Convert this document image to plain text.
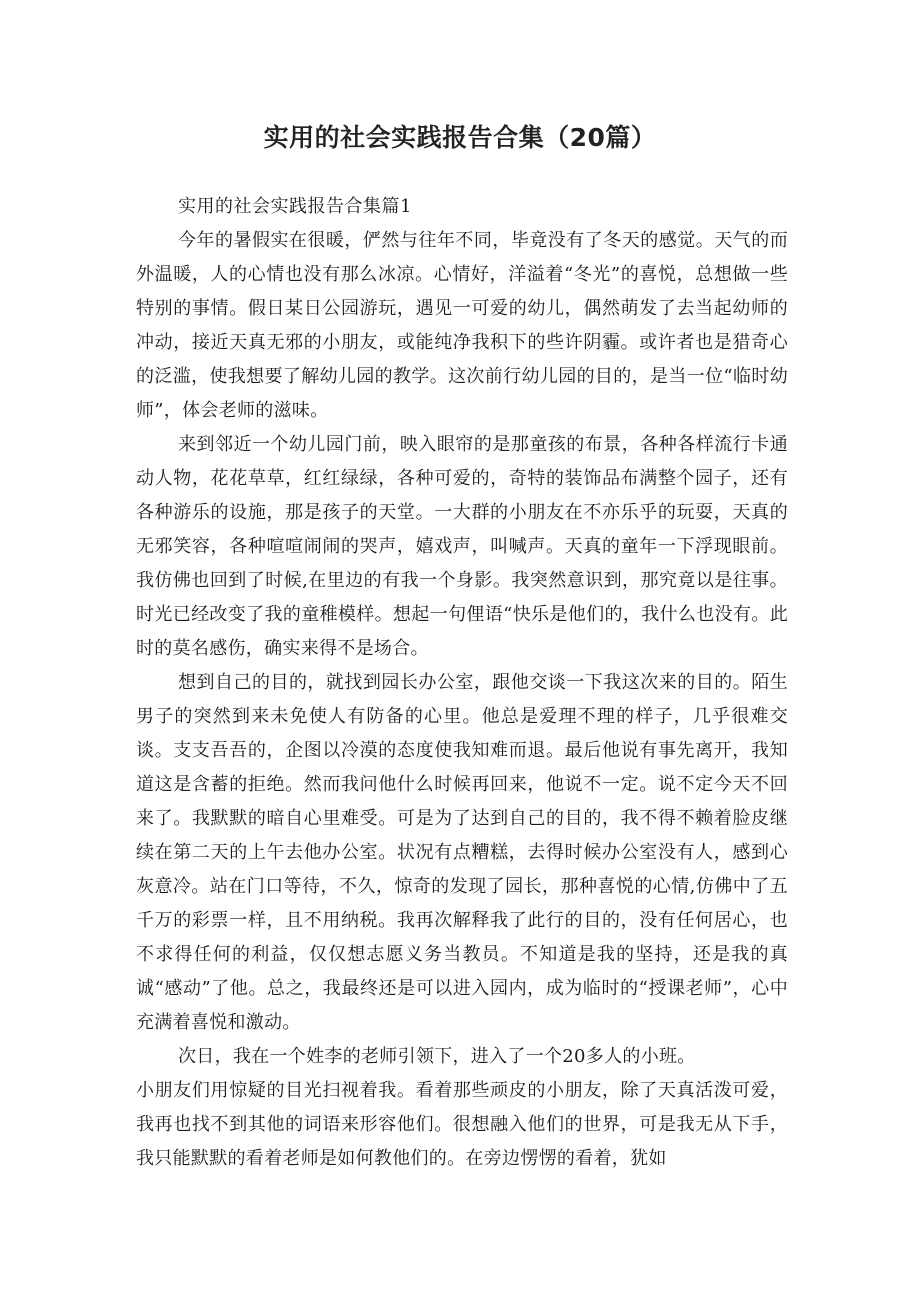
实用的社会实践报告合集（20篇）
实用的社会实践报告合集篇1

今年的暑假实在很暖，俨然与往年不同，毕竟没有了冬天的感觉。天气的而外温暖，人的心情也没有那么冰凉。心情好，洋溢着“冬光”的喜悦，总想做一些特别的事情。假日某日公园游玩，遇见一可爱的幼儿，偶然萌发了去当起幼师的冲动，接近天真无邪的小朋友，或能纯净我积下的些许阴霾。或许者也是猎奇心的泛滥，使我想要了解幼儿园的教学。这次前行幼儿园的目的，是当一位“临时幼师”，体会老师的滋味。

来到邻近一个幼儿园门前，映入眼帘的是那童孩的布景，各种各样流行卡通动人物，花花草草，红红绿绿，各种可爱的，奇特的装饰品布满整个园子，还有各种游乐的设施，那是孩子的天堂。一大群的小朋友在不亦乐乎的玩耍，天真的无邪笑容，各种喧喧闹闹的哭声，嬉戏声，叫喊声。天真的童年一下浮现眼前。我仿佛也回到了时候,在里边的有我一个身影。我突然意识到，那究竟以是往事。时光已经改变了我的童稚模样。想起一句俚语“快乐是他们的，我什么也没有。此时的莫名感伤，确实来得不是场合。

想到自己的目的，就找到园长办公室，跟他交谈一下我这次来的目的。陌生男子的突然到来未免使人有防备的心里。他总是爱理不理的样子，几乎很难交谈。支支吾吾的，企图以冷漠的态度使我知难而退。最后他说有事先离开，我知道这是含蓄的拒绝。然而我问他什么时候再回来，他说不一定。说不定今天不回来了。我默默的暗自心里难受。可是为了达到自己的目的，我不得不赖着脸皮继续在第二天的上午去他办公室。状况有点糟糕，去得时候办公室没有人，感到心灰意冷。站在门口等待，不久，惊奇的发现了园长，那种喜悦的心情,仿佛中了五千万的彩票一样，且不用纳税。我再次解释我了此行的目的，没有任何居心，也不求得任何的利益，仅仅想志愿义务当教员。不知道是我的坚持，还是我的真诚“感动”了他。总之，我最终还是可以进入园内，成为临时的“授课老师”，心中充满着喜悦和激动。

次日，我在一个姓李的老师引领下，进入了一个20多人的小班。

小朋友们用惊疑的目光扫视着我。看着那些顽皮的小朋友，除了天真活泼可爱，我再也找不到其他的词语来形容他们。很想融入他们的世界，可是我无从下手，我只能默默的看着老师是如何教他们的。在旁边愣愣的看着，犹如
